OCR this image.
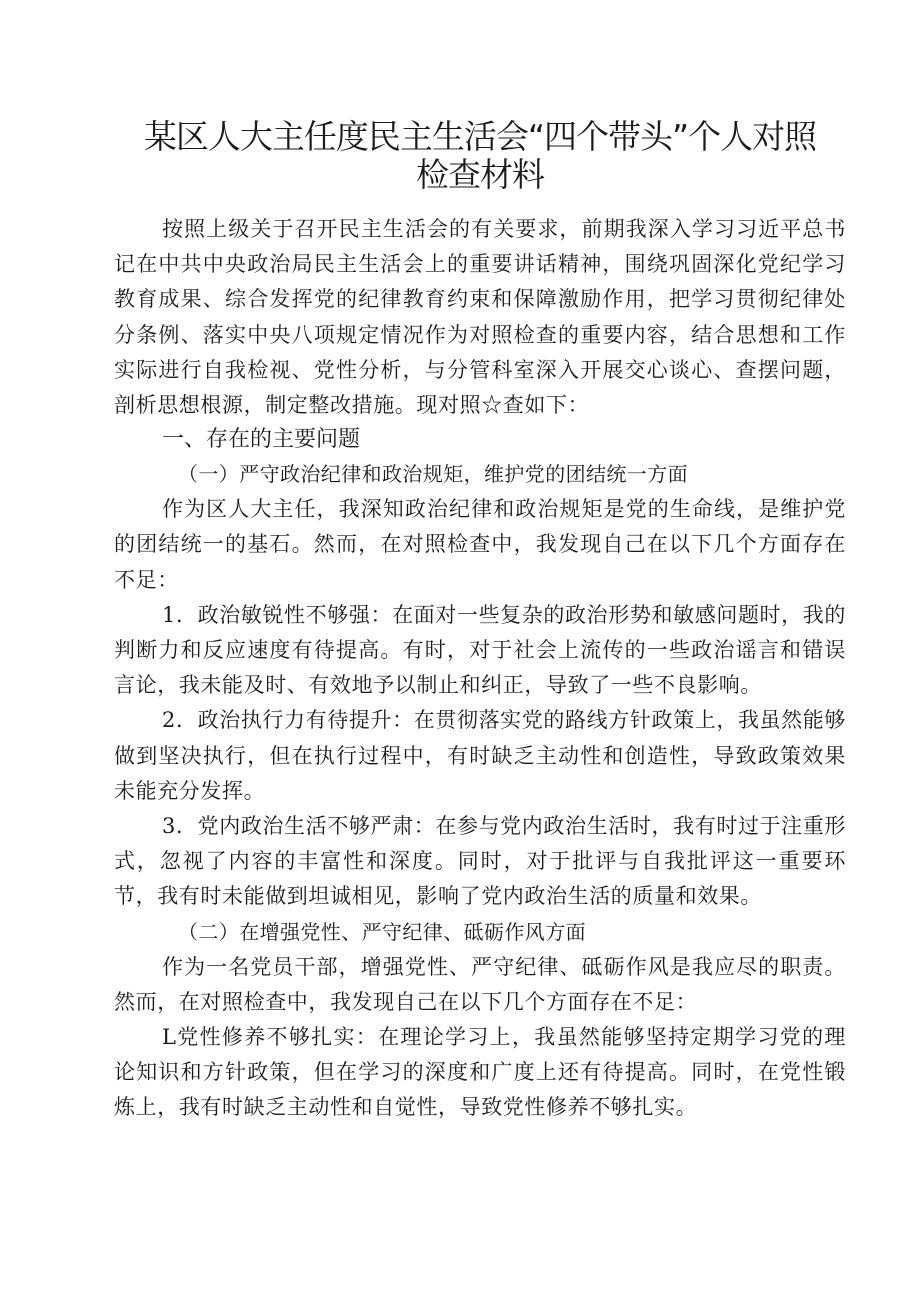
某区人大主任度民主生活会“四个带头”个人对照
检查材料

按照上级关于召开民主生活会的有关要求，前期我深入学习习近平总书记在中共中央政治局民主生活会上的重要讲话精神，围绕巩固深化党纪学习教育成果、综合发挥党的纪律教育约束和保障激励作用，把学习贯彻纪律处分条例、落实中央八项规定情况作为对照检查的重要内容，结合思想和工作实际进行自我检视、党性分析，与分管科室深入开展交心谈心、查摆问题，剖析思想根源，制定整改措施。现对照☆查如下：

一、存在的主要问题

（一）严守政治纪律和政治规矩，维护党的团结统一方面

作为区人大主任，我深知政治纪律和政治规矩是党的生命线，是维护党的团结统一的基石。然而，在对照检查中，我发现自己在以下几个方面存在不足：

1．政治敏锐性不够强：在面对一些复杂的政治形势和敏感问题时，我的判断力和反应速度有待提高。有时，对于社会上流传的一些政治谣言和错误言论，我未能及时、有效地予以制止和纠正，导致了一些不良影响。

2．政治执行力有待提升：在贯彻落实党的路线方针政策上，我虽然能够做到坚决执行，但在执行过程中，有时缺乏主动性和创造性，导致政策效果未能充分发挥。

3．党内政治生活不够严肃：在参与党内政治生活时，我有时过于注重形式，忽视了内容的丰富性和深度。同时，对于批评与自我批评这一重要环节，我有时未能做到坦诚相见，影响了党内政治生活的质量和效果。

（二）在增强党性、严守纪律、砥砺作风方面

作为一名党员干部，增强党性、严守纪律、砥砺作风是我应尽的职责。然而，在对照检查中，我发现自己在以下几个方面存在不足：

L党性修养不够扎实：在理论学习上，我虽然能够坚持定期学习党的理论知识和方针政策，但在学习的深度和广度上还有待提高。同时，在党性锻炼上，我有时缺乏主动性和自觉性，导致党性修养不够扎实。
